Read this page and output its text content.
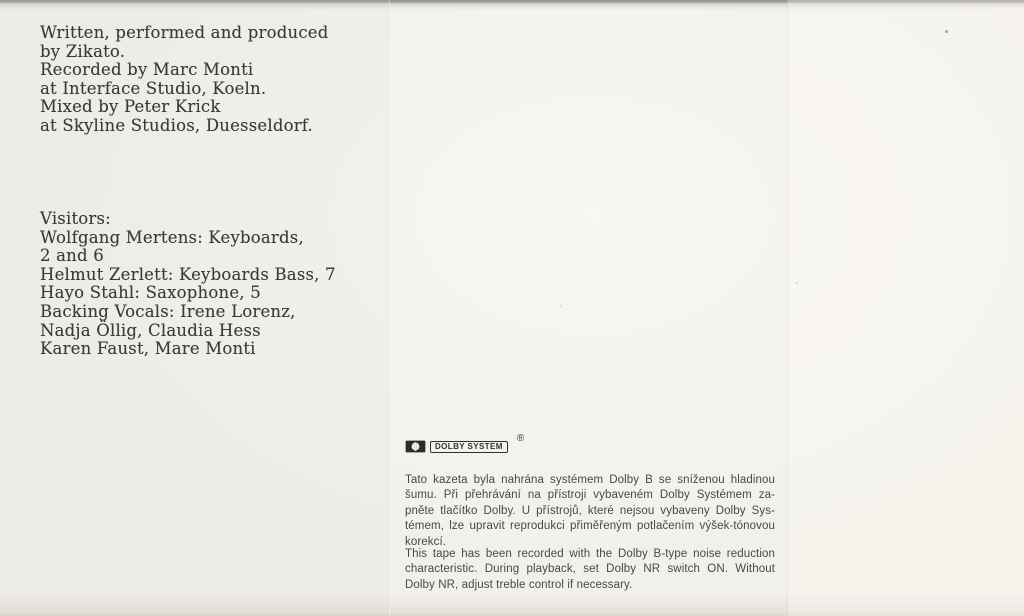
Written, performed and produced
by Zikato.
Recorded by Marc Monti
at Interface Studio, Koeln.
Mixed by Peter Krick
at Skyline Studios, Duesseldorf.
Visitors:
Wolfgang Mertens: Keyboards,
2 and 6
Helmut Zerlett: Keyboards Bass, 7
Hayo Stahl: Saxophone, 5
Backing Vocals: Irene Lorenz,
Nadja Öllig, Claudia Hess
Karen Faust, Mare Monti
DOLBY SYSTEM
®
Tato kazeta byla nahrána systémem Dolby B se sníženou hladinou
šumu. Při přehrávání na přístroji vybaveném Dolby Systémem za-
pněte tlačítko Dolby. U přístrojů, které nejsou vybaveny Dolby Sys-
témem, lze upravit reprodukci přiměřeným potlačením výšek-tónovou
korekcí.
This tape has been recorded with the Dolby B-type noise reduction
characteristic. During playback, set Dolby NR switch ON. Without
Dolby NR, adjust treble control if necessary.
